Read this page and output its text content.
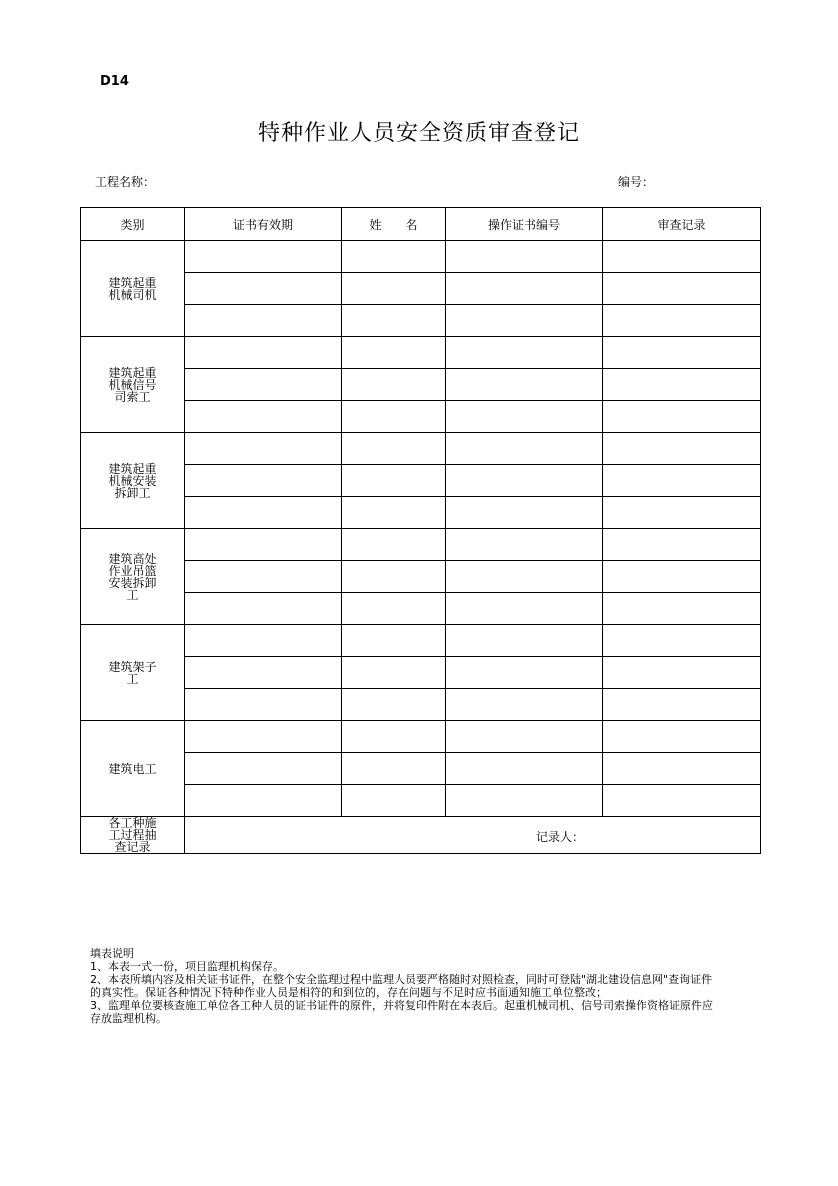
D14
特种作业人员安全资质审查登记
工程名称：	编号：
类别	证书有效期	姓　　名	操作证书编号	审查记录

建筑起重机械司机				

建筑起重机械信号司索工				

建筑起重机械安装拆卸工				

建筑高处作业吊篮安装拆卸工				

建筑架子工				

建筑电工				

各工种施工过程抽查记录	记录人：			
填表说明
1、本表一式一份，项目监理机构保存。
2、本表所填内容及相关证书证件，在整个安全监理过程中监理人员要严格随时对照检查，同时可登陆"湖北建设信息网"查询证件的真实性。保证各种情况下特种作业人员是相符的和到位的，存在问题与不足时应书面通知施工单位整改；
3、监理单位要核查施工单位各工种人员的证书证件的原件，并将复印件附在本表后。起重机械司机、信号司索操作资格证原件应存放监理机构。
